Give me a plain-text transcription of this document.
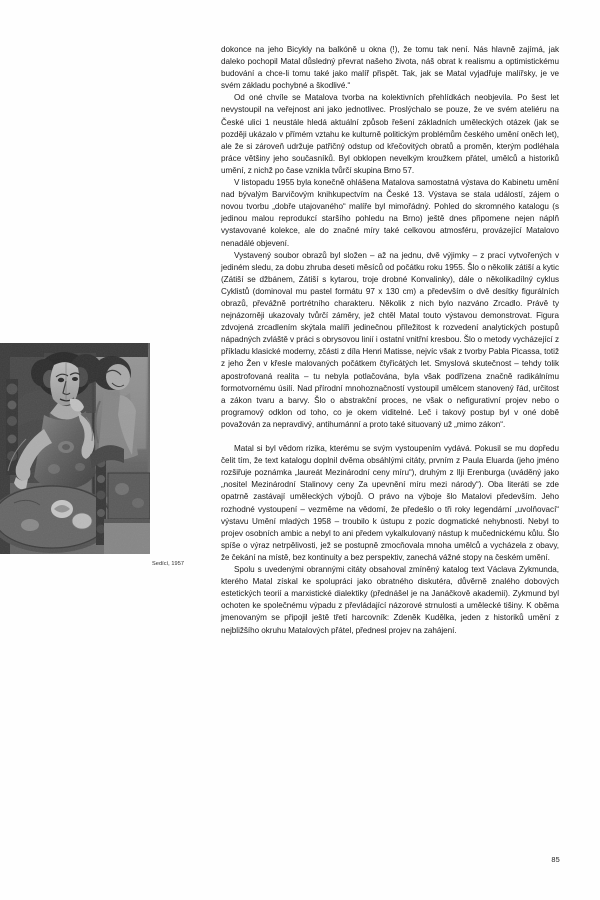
dokonce na jeho Bicykly na balkóně u okna (!), že tomu tak není. Nás hlavně zajímá, jak daleko pochopil Matal důsledný převrat našeho života, náš obrat k realismu a optimistickému budování a chce-li tomu také jako malíř přispět. Tak, jak se Matal vyjadřuje malířsky, je ve svém základu pochybné a škodlivé.“

Od oné chvíle se Matalova tvorba na kolektivních přehlídkách neobjevila. Po šest let nevystoupil na veřejnost ani jako jednotlivec. Proslýchalo se pouze, že ve svém ateliéru na České ulici 1 neustále hledá aktuální způsob řešení základních uměleckých otázek (jak se později ukázalo v přímém vztahu ke kulturně politickým problémům českého umění oněch let), ale že si zároveň udržuje patřičný odstup od křečovitých obratů a proměn, kterým podléhala práce většiny jeho současníků. Byl obklopen nevelkým kroužkem přátel, umělců a historiků umění, z nichž po čase vznikla tvůrčí skupina Brno 57.

V listopadu 1955 byla konečně ohlášena Matalova samostatná výstava do Kabinetu umění nad bývalým Barvičovým knihkupectvím na České 13. Výstava se stala událostí, zájem o novou tvorbu „dobře utajovaného“ malíře byl mimořádný. Pohled do skromného katalogu (s jedinou malou reprodukcí staršího pohledu na Brno) ještě dnes připomene nejen náplň vystavované kolekce, ale do značné míry také celkovou atmosféru, provázející Matalovo nenadálé objevení.

Vystavený soubor obrazů byl složen – až na jednu, dvě výjimky – z prací vytvořených v jediném sledu, za dobu zhruba deseti měsíců od počátku roku 1955. Šlo o několik zátiší a kytic (Zátiší se džbánem, Zátiší s kytarou, troje drobné Konvalinky), dále o několikadílný cyklus Cyklistů (dominoval mu pastel formátu 97 x 130 cm) a především o dvě desítky figurálních obrazů, převážně portrétního charakteru. Několik z nich bylo nazváno Zrcadlo. Právě ty nejnázorněji ukazovaly tvůrčí záměry, jež chtěl Matal touto výstavou demonstrovat. Figura zdvojená zrcadlením skýtala malíři jedinečnou příležitost k rozvedení analytických postupů nápadných zvláště v práci s obrysovou linií i ostatní vnitřní kresbou. Šlo o metody vycházející z příkladu klasické moderny, zčásti z díla Henri Matisse, nejvíc však z tvorby Pabla Picassa, totiž z jeho Žen v křesle malovaných počátkem čtyřicátých let. Smyslová skutečnost – tehdy tolik apostrofovaná realita – tu nebyla potlačována, byla však podřízena značně radikálnímu formotvornému úsilí. Nad přírodní mnohoznačností vystoupil umělcem stanovený řád, určitost a zákon tvaru a barvy. Šlo o abstrakční proces, ne však o nefigurativní projev nebo o programový odklon od toho, co je okem viditelné. Leč i takový postup byl v oné době považován za nepravdivý, antihumánní a proto také situovaný už „mimo zákon“.

Matal si byl vědom rizika, kterému se svým vystoupením vydává. Pokusil se mu dopředu čelit tím, že text katalogu doplnil dvěma obsáhlými citáty, prvním z Paula Eluarda (jeho jméno rozšiřuje poznámka „laureát Mezinárodní ceny míru“), druhým z Ilji Erenburga (uváděný jako „nositel Mezinárodní Stalinovy ceny Za upevnění míru mezi národy“). Oba literáti se zde opatrně zastávají uměleckých výbojů. O právo na výboje šlo Matalovi především. Jeho rozhodné vystoupení – vezměme na vědomí, že předešlo o tři roky legendární „uvolňovací“ výstavu Umění mladých 1958 – troubilo k ústupu z pozic dogmatické nehybnosti. Nebyl to projev osobních ambic a nebyl to ani předem vykalkulovaný nástup k mučednickému kůlu. Šlo spíše o výraz netrpělivosti, jež se postupně zmocňovala mnoha umělců a vycházela z obavy, že čekání na místě, bez kontinuity a bez perspektiv, zanechá vážné stopy na českém umění.

Spolu s uvedenými obrannými citáty obsahoval zmíněný katalog text Václava Zykmunda, kterého Matal získal ke spolupráci jako obratného diskutéra, důvěrně znalého dobových estetických teorií a marxistické dialektiky (přednášel je na Janáčkově akademii). Zykmund byl ochoten ke společnému výpadu z převládající názorové strnulosti a umělecké tišiny. K oběma jmenovaným se připojil ještě třetí harcovník: Zdeněk Kudělka, jeden z historiků umění z nejbližšího okruhu Matalových přátel, přednesl projev na zahájení.

Sedící, 1957
85
